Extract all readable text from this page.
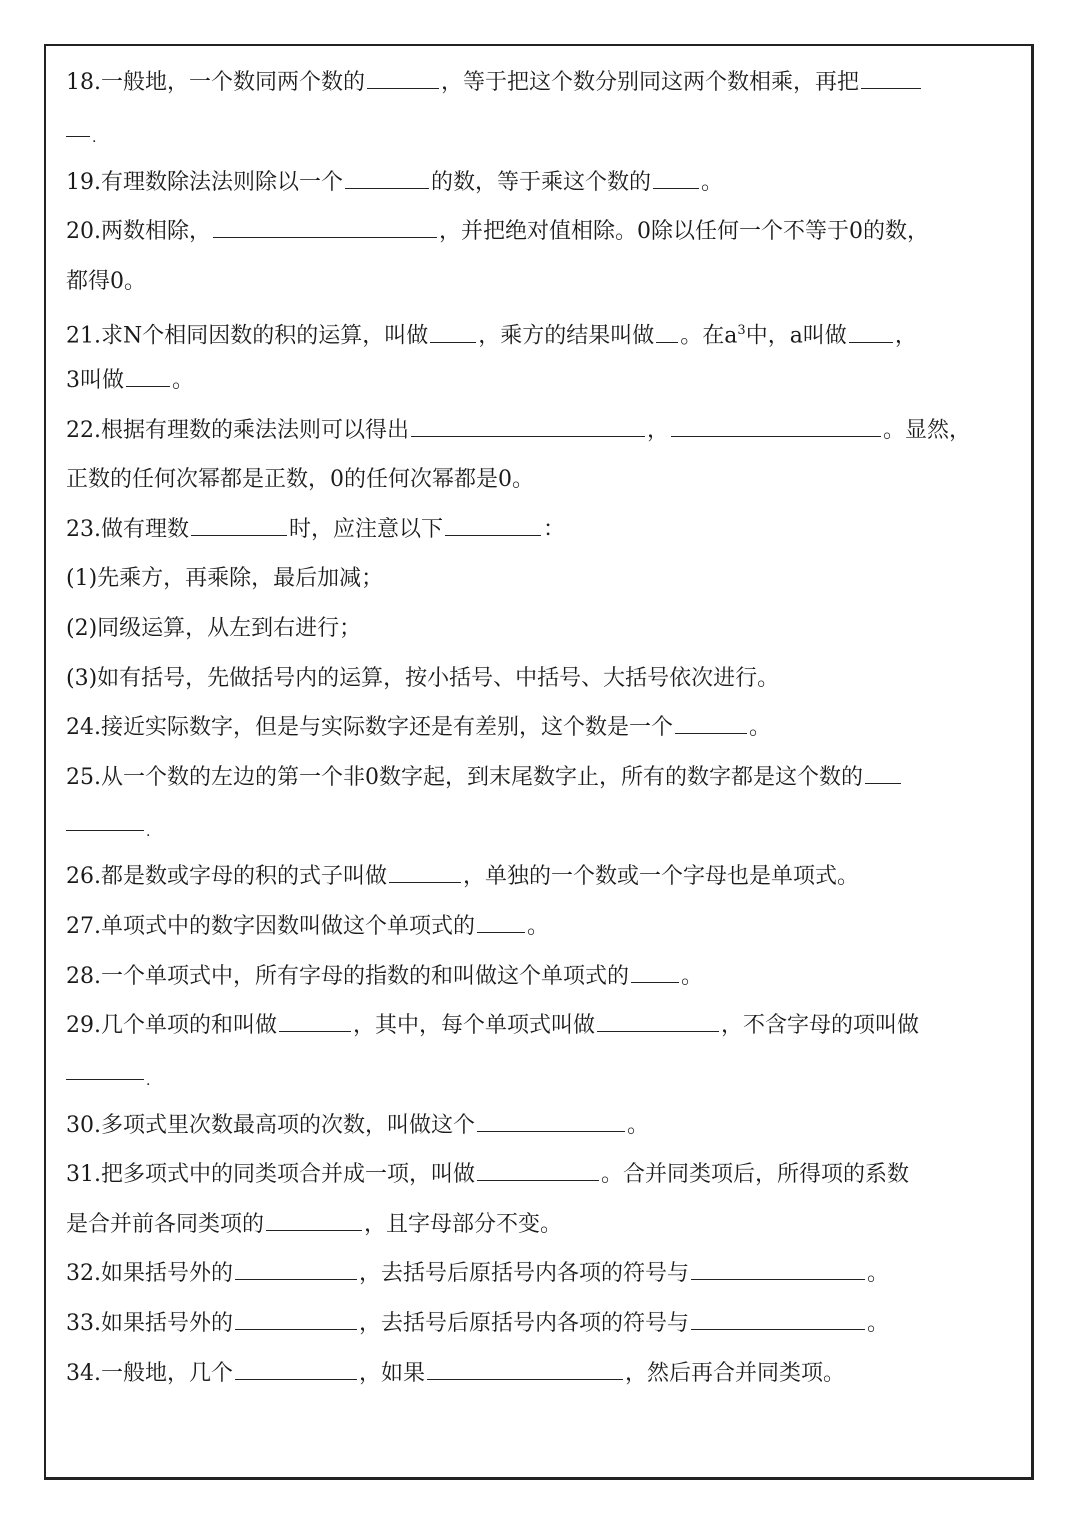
18.一般地，一个数同两个数的	，等于把这个数分别同这两个数相乘，再把
.
19.有理数除法法则除以一个	的数，等于乘这个数的 。
20.两数相除，	，并把绝对值相除。0除以任何一个不等于0的数，
都得0。
21.求N个相同因数的积的运算，叫做 ，乘方的结果叫做 。在$a^3$中，a叫做 ，
3叫做 。
22.根据有理数的乘法法则可以得出	，	。显然，
正数的任何次幂都是正数，0的任何次幂都是0。
23.做有理数	时，应注意以下	：
(1)先乘方，再乘除，最后加减；
(2)同级运算，从左到右进行；
(3)如有括号，先做括号内的运算，按小括号、中括号、大括号依次进行。
24.接近实际数字，但是与实际数字还是有差别，这个数是一个	。
25.从一个数的左边的第一个非0数字起，到末尾数字止，所有的数字都是这个数的
.
26.都是数或字母的积的式子叫做	，单独的一个数或一个字母也是单项式。
27.单项式中的数字因数叫做这个单项式的 。
28.一个单项式中，所有字母的指数的和叫做这个单项式的 。
29.几个单项的和叫做	，其中，每个单项式叫做	，不含字母的项叫做
.
30.多项式里次数最高项的次数，叫做这个	。
31.把多项式中的同类项合并成一项，叫做	。合并同类项后，所得项的系数
是合并前各同类项的	，且字母部分不变。
32.如果括号外的	，去括号后原括号内各项的符号与	。
33.如果括号外的	，去括号后原括号内各项的符号与	。
34.一般地，几个	，如果	，然后再合并同类项。
